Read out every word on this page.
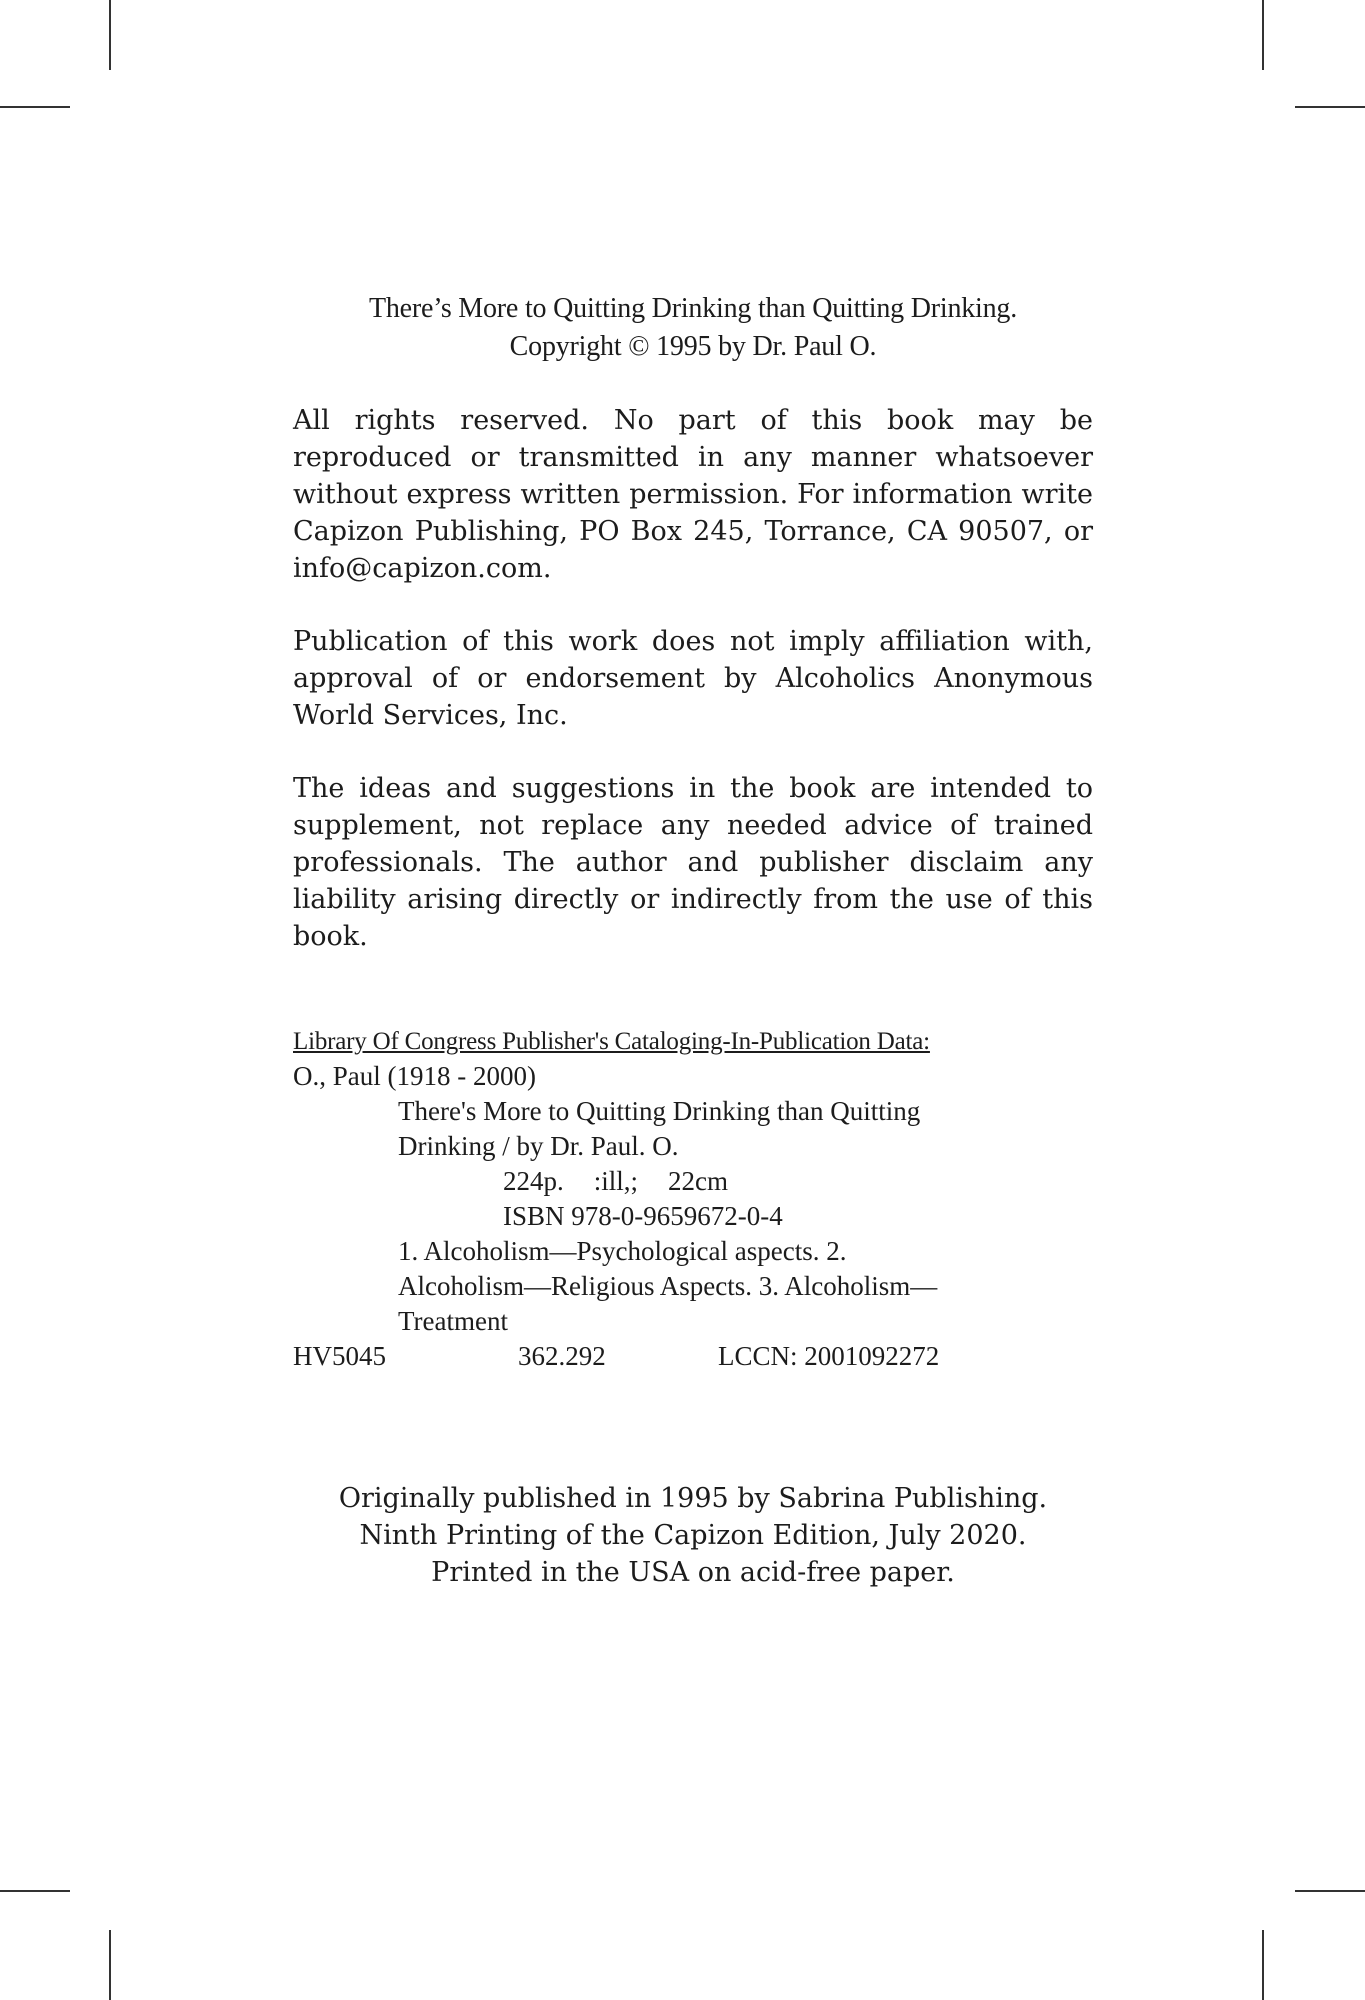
There’s More to Quitting Drinking than Quitting Drinking.
Copyright © 1995 by Dr. Paul O.

All rights reserved. No part of this book may be reproduced or transmitted in any manner whatsoever without express written permission. For information write Capizon Publishing, PO Box 245, Torrance, CA 90507, or info@capizon.com.

Publication of this work does not imply affiliation with, approval of or endorsement by Alcoholics Anonymous World Services, Inc.

The ideas and suggestions in the book are intended to supplement, not replace any needed advice of trained professionals. The author and publisher disclaim any liability arising directly or indirectly from the use of this book.

Library Of Congress Publisher's Cataloging-In-Publication Data:
O., Paul (1918 - 2000)
There's More to Quitting Drinking than Quitting
Drinking / by Dr. Paul. O.
224p. :ill,; 22cm
ISBN 978-0-9659672-0-4
1. Alcoholism—Psychological aspects. 2.
Alcoholism—Religious Aspects. 3. Alcoholism—
Treatment
HV5045	362.292	LCCN: 2001092272
Originally published in 1995 by Sabrina Publishing.
Ninth Printing of the Capizon Edition, July 2020.
Printed in the USA on acid-free paper.
